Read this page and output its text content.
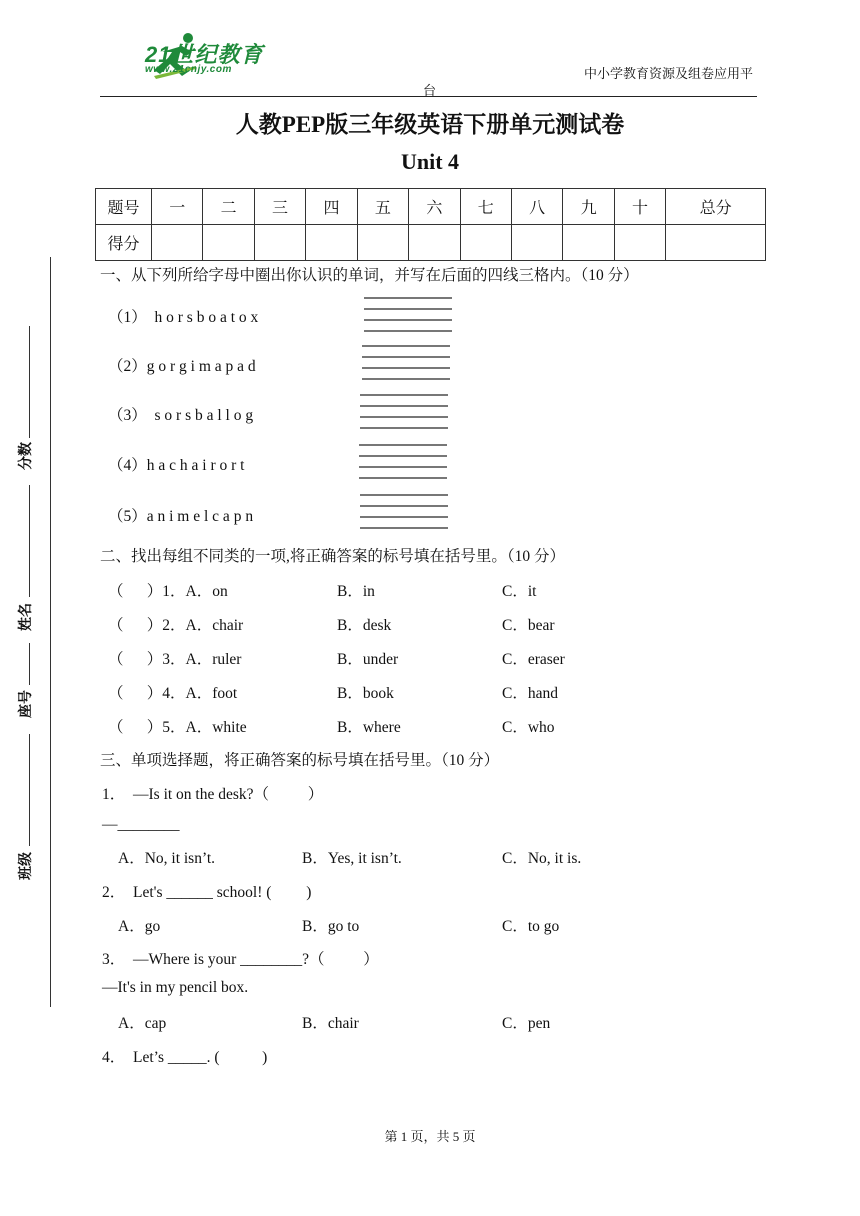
21世纪教育
www.21cnjy.com	中小学教育资源及组卷应用平
台
人教PEP版三年级英语下册单元测试卷
Unit 4
题号	一	二	三	四	五	六	七	八	九	十	总分
得分											
分数
姓名
座号
班级
一、从下列所给字母中圈出你认识的单词，并写在后面的四线三格内。（10 分）
（1）  h o r s b o a t o x
（2）g o r g i m a p a d
（3）  s o r s b a l l o g
（4）h a c h a i r o r t
（5）a n i m e l c a p n
二、找出每组不同类的一项,将正确答案的标号填在括号里。（10 分）
（      ）1．A．on	B．in	C．it
（      ）2．A．chair	B．desk	C．bear
（      ）3．A．ruler	B．under	C．eraser
（      ）4．A．foot	B．book	C．hand
（      ）5．A．white	B．where	C．who
三、单项选择题，将正确答案的标号填在括号里。（10 分）
1．  —Is it on the desk?（          ）
—________
A．No, it isn’t.	B．Yes, it isn’t.	C．No, it is.
2．  Let's ______ school! (         )
A．go	B．go to	C．to go
3．  —Where is your ________?（          ）
—It's in my pencil box.
A．cap	B．chair	C．pen
4．  Let’s _____. (           )
第 1 页，共 5 页
